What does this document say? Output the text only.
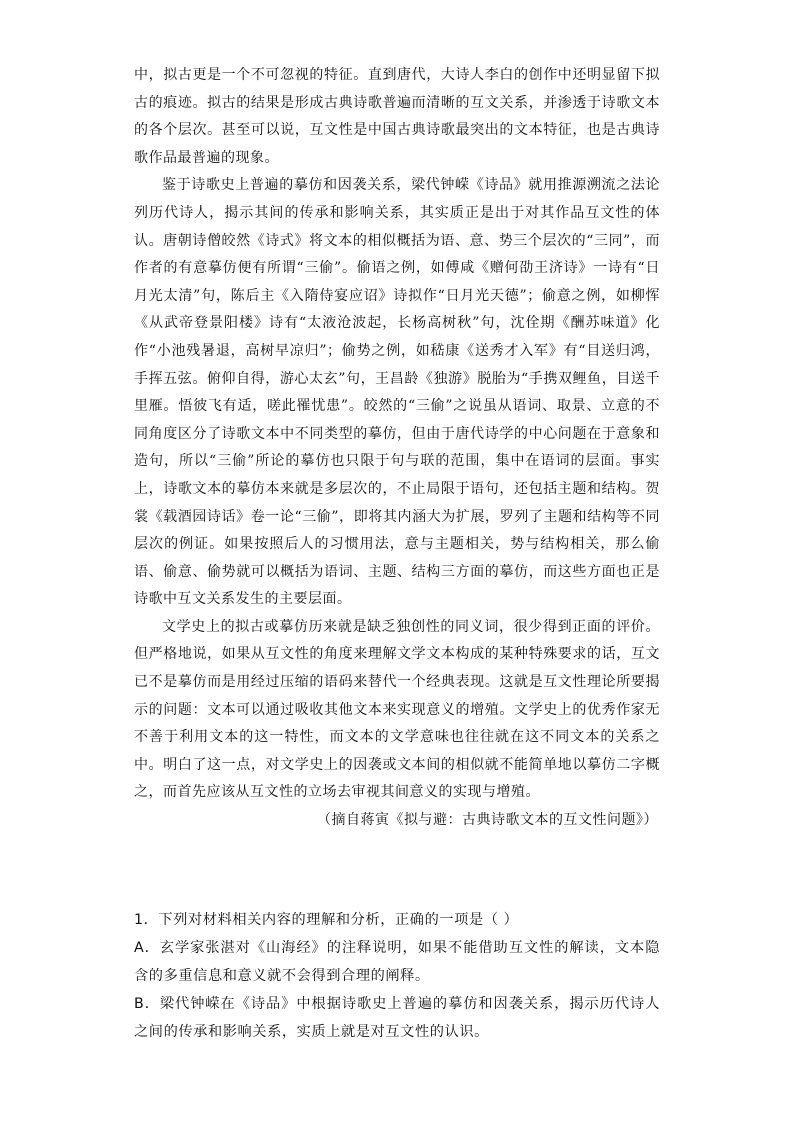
中，拟古更是一个不可忽视的特征。直到唐代，大诗人李白的创作中还明显留下拟古的痕迹。拟古的结果是形成古典诗歌普遍而清晰的互文关系，并渗透于诗歌文本的各个层次。甚至可以说，互文性是中国古典诗歌最突出的文本特征，也是古典诗歌作品最普遍的现象。

鉴于诗歌史上普遍的摹仿和因袭关系，梁代钟嵘《诗品》就用推源溯流之法论列历代诗人，揭示其间的传承和影响关系，其实质正是出于对其作品互文性的体认。唐朝诗僧皎然《诗式》将文本的相似概括为语、意、势三个层次的“三同”，而作者的有意摹仿便有所谓“三偷”。偷语之例，如傅咸《赠何劭王济诗》一诗有“日月光太清”句，陈后主《入隋侍宴应诏》诗拟作“日月光天德”；偷意之例，如柳恽《从武帝登景阳楼》诗有“太液沧波起，长杨高树秋”句，沈佺期《酬苏味道》化作“小池残暑退，高树早凉归”；偷势之例，如嵇康《送秀才入军》有“目送归鸿，手挥五弦。俯仰自得，游心太玄”句，王昌龄《独游》脱胎为“手携双鲤鱼，目送千里雁。悟彼飞有适，嗟此罹忧患”。皎然的“三偷”之说虽从语词、取景、立意的不同角度区分了诗歌文本中不同类型的摹仿，但由于唐代诗学的中心问题在于意象和造句，所以“三偷”所论的摹仿也只限于句与联的范围，集中在语词的层面。事实上，诗歌文本的摹仿本来就是多层次的，不止局限于语句，还包括主题和结构。贺裳《载酒园诗话》卷一论“三偷”，即将其内涵大为扩展，罗列了主题和结构等不同层次的例证。如果按照后人的习惯用法，意与主题相关，势与结构相关，那么偷语、偷意、偷势就可以概括为语词、主题、结构三方面的摹仿，而这些方面也正是诗歌中互文关系发生的主要层面。

文学史上的拟古或摹仿历来就是缺乏独创性的同义词，很少得到正面的评价。但严格地说，如果从互文性的角度来理解文学文本构成的某种特殊要求的话，互文已不是摹仿而是用经过压缩的语码来替代一个经典表现。这就是互文性理论所要揭示的问题：文本可以通过吸收其他文本来实现意义的增殖。文学史上的优秀作家无不善于利用文本的这一特性，而文本的文学意味也往往就在这不同文本的关系之中。明白了这一点，对文学史上的因袭或文本间的相似就不能简单地以摹仿二字概之，而首先应该从互文性的立场去审视其间意义的实现与增殖。

（摘自蒋寅《拟与避：古典诗歌文本的互文性问题》）

1．下列对材料相关内容的理解和分析，正确的一项是（ ）

A．玄学家张湛对《山海经》的注释说明，如果不能借助互文性的解读，文本隐含的多重信息和意义就不会得到合理的阐释。

B．梁代钟嵘在《诗品》中根据诗歌史上普遍的摹仿和因袭关系，揭示历代诗人之间的传承和影响关系，实质上就是对互文性的认识。
